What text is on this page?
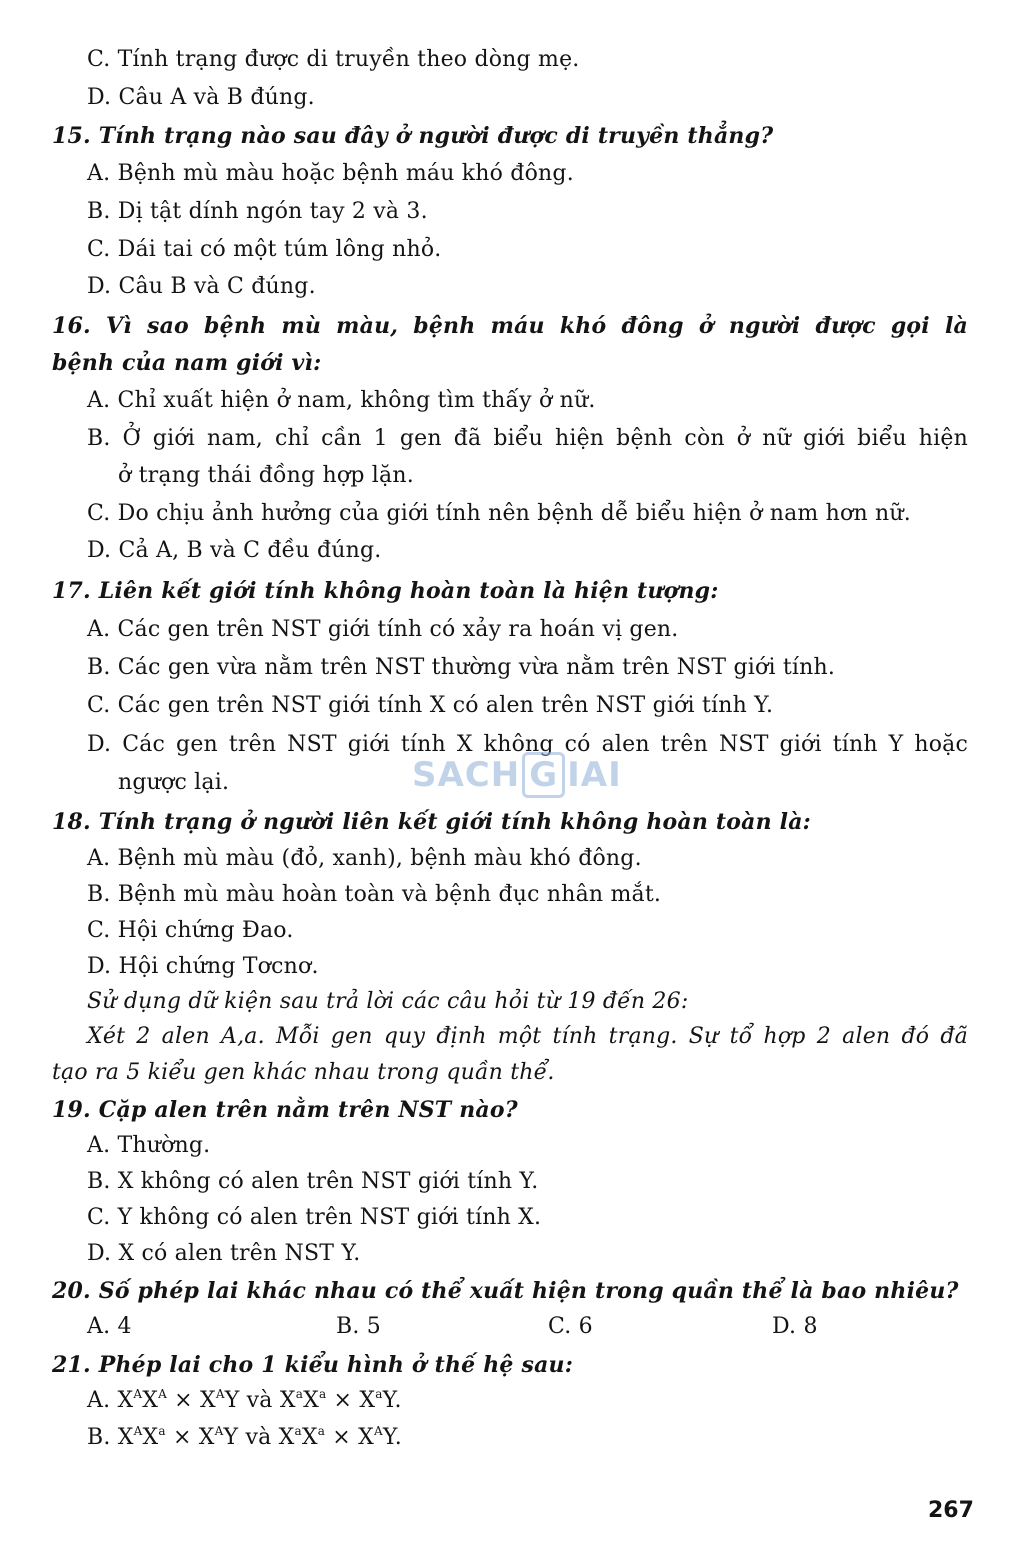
C. Tính trạng được di truyền theo dòng mẹ.
D. Câu A và B đúng.
15. Tính trạng nào sau đây ở người được di truyền thẳng?
A. Bệnh mù màu hoặc bệnh máu khó đông.
B. Dị tật dính ngón tay 2 và 3.
C. Dái tai có một túm lông nhỏ.
D. Câu B và C đúng.
16. Vì sao bệnh mù màu, bệnh máu khó đông ở người được gọi là
bệnh của nam giới vì:
A. Chỉ xuất hiện ở nam, không tìm thấy ở nữ.
B. Ở giới nam, chỉ cần 1 gen đã biểu hiện bệnh còn ở nữ giới biểu hiện
ở trạng thái đồng hợp lặn.
C. Do chịu ảnh hưởng của giới tính nên bệnh dễ biểu hiện ở nam hơn nữ.
D. Cả A, B và C đều đúng.
17. Liên kết giới tính không hoàn toàn là hiện tượng:
A. Các gen trên NST giới tính có xảy ra hoán vị gen.
B. Các gen vừa nằm trên NST thường vừa nằm trên NST giới tính.
C. Các gen trên NST giới tính X có alen trên NST giới tính Y.
D. Các gen trên NST giới tính X không có alen trên NST giới tính Y hoặc
ngược lại.	SACH G IAI
18. Tính trạng ở người liên kết giới tính không hoàn toàn là:
A. Bệnh mù màu (đỏ, xanh), bệnh màu khó đông.
B. Bệnh mù màu hoàn toàn và bệnh đục nhân mắt.
C. Hội chứng Đao.
D. Hội chứng Tơcnơ.
Sử dụng dữ kiện sau trả lời các câu hỏi từ 19 đến 26:
Xét 2 alen A,a. Mỗi gen quy định một tính trạng. Sự tổ hợp 2 alen đó đã
tạo ra 5 kiểu gen khác nhau trong quần thể.
19. Cặp alen trên nằm trên NST nào?
A. Thường.
B. X không có alen trên NST giới tính Y.
C. Y không có alen trên NST giới tính X.
D. X có alen trên NST Y.
20. Số phép lai khác nhau có thể xuất hiện trong quần thể là bao nhiêu?
A. 4	B. 5	C. 6	D. 8
21. Phép lai cho 1 kiểu hình ở thế hệ sau:
A. $X^AX^A \times X^AY$ và $X^aX^a \times X^aY$.
B. $X^AX^a \times X^AY$ và $X^aX^a \times X^AY$.
267
